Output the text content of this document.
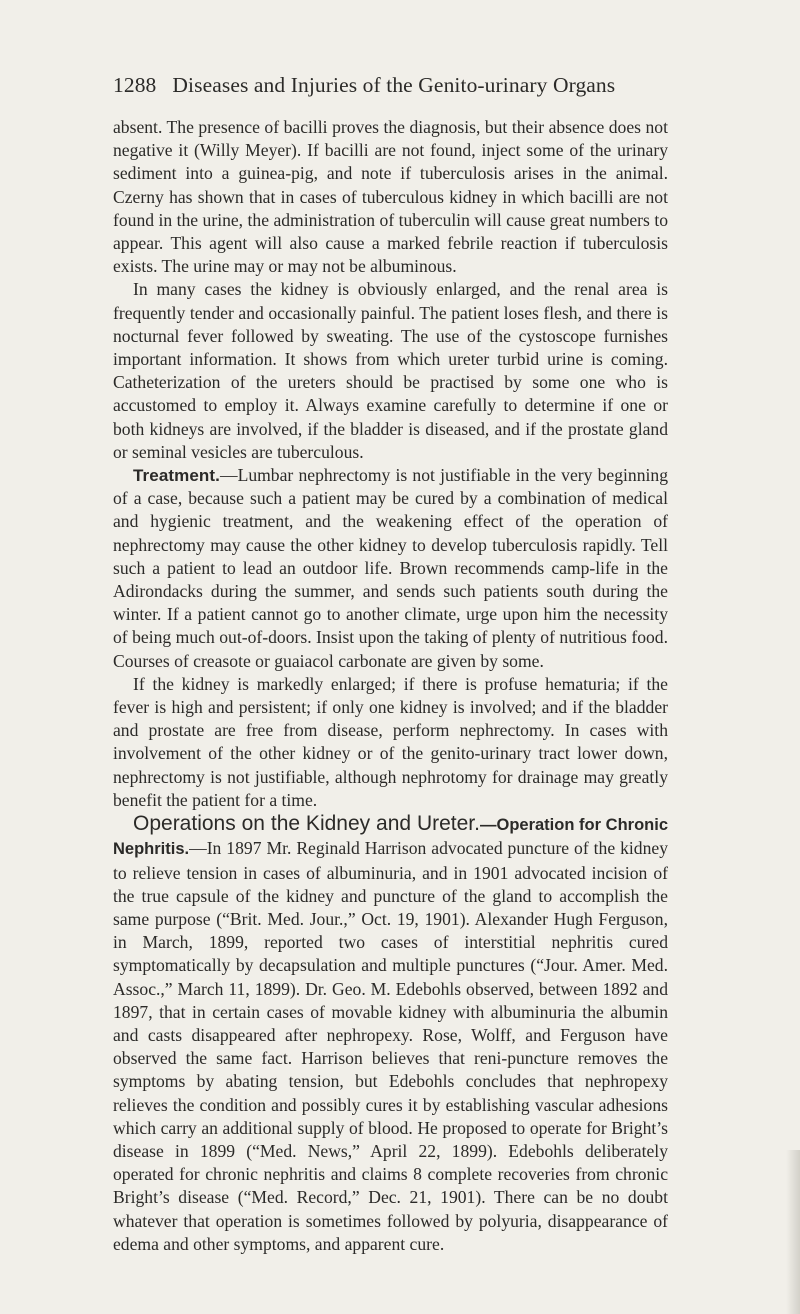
1288 Diseases and Injuries of the Genito-urinary Organs

absent. The presence of bacilli proves the diagnosis, but their absence does not negative it (Willy Meyer). If bacilli are not found, inject some of the urinary sediment into a guinea-pig, and note if tuberculosis arises in the animal. Czerny has shown that in cases of tuberculous kidney in which bacilli are not found in the urine, the administration of tuberculin will cause great numbers to appear. This agent will also cause a marked febrile reaction if tuberculosis exists. The urine may or may not be albuminous.

In many cases the kidney is obviously enlarged, and the renal area is frequently tender and occasionally painful. The patient loses flesh, and there is nocturnal fever followed by sweating. The use of the cystoscope furnishes important information. It shows from which ureter turbid urine is coming. Catheterization of the ureters should be practised by some one who is accustomed to employ it. Always examine carefully to determine if one or both kidneys are involved, if the bladder is diseased, and if the prostate gland or seminal vesicles are tuberculous.

Treatment.—Lumbar nephrectomy is not justifiable in the very beginning of a case, because such a patient may be cured by a combination of medical and hygienic treatment, and the weakening effect of the operation of nephrectomy may cause the other kidney to develop tuberculosis rapidly. Tell such a patient to lead an outdoor life. Brown recommends camp-life in the Adirondacks during the summer, and sends such patients south during the winter. If a patient cannot go to another climate, urge upon him the necessity of being much out-of-doors. Insist upon the taking of plenty of nutritious food. Courses of creasote or guaiacol carbonate are given by some.

If the kidney is markedly enlarged; if there is profuse hematuria; if the fever is high and persistent; if only one kidney is involved; and if the bladder and prostate are free from disease, perform nephrectomy. In cases with involvement of the other kidney or of the genito-urinary tract lower down, nephrectomy is not justifiable, although nephrotomy for drainage may greatly benefit the patient for a time.

Operations on the Kidney and Ureter.—Operation for Chronic Nephritis.—In 1897 Mr. Reginald Harrison advocated puncture of the kidney to relieve tension in cases of albuminuria, and in 1901 advocated incision of the true capsule of the kidney and puncture of the gland to accomplish the same purpose (“Brit. Med. Jour.,” Oct. 19, 1901). Alexander Hugh Ferguson, in March, 1899, reported two cases of interstitial nephritis cured symptomatically by decapsulation and multiple punctures (“Jour. Amer. Med. Assoc.,” March 11, 1899). Dr. Geo. M. Edebohls observed, between 1892 and 1897, that in certain cases of movable kidney with albuminuria the albumin and casts disappeared after nephropexy. Rose, Wolff, and Ferguson have observed the same fact. Harrison believes that reni-puncture removes the symptoms by abating tension, but Edebohls concludes that nephropexy relieves the condition and possibly cures it by establishing vascular adhesions which carry an additional supply of blood. He proposed to operate for Bright’s disease in 1899 (“Med. News,” April 22, 1899). Edebohls deliberately operated for chronic nephritis and claims 8 complete recoveries from chronic Bright’s disease (“Med. Record,” Dec. 21, 1901). There can be no doubt whatever that operation is sometimes followed by polyuria, disappearance of edema and other symptoms, and apparent cure.
